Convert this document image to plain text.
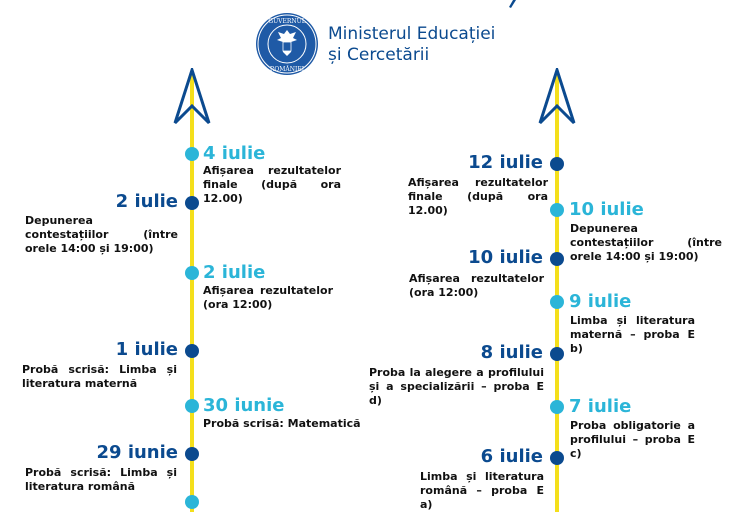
GUVERNUL
ROMÂNIEI
Ministerul Educației
și Cercetării
4 iulie
Afișarea rezultatelor finale (după ora 12.00)
2 iulie
Depunerea contestațiilor (între orele 14:00 și 19:00)
2 iulie
Afișarea rezultatelor (ora 12:00)
1 iulie
Probă scrisă: Limba și literatura maternă
30 iunie
Probă scrisă: Matematică
29 iunie
Probă scrisă: Limba și literatura română
12 iulie
Afișarea rezultatelor finale (după ora 12.00)	10 iulie
Depunerea contestațiilor (între orele 14:00 și 19:00)
10 iulie
Afișarea rezultatelor (ora 12:00)	9 iulie
Limba și literatura maternă – proba E b)
8 iulie
Proba la alegere a profilului și a specializării – proba E d)	7 iulie
Proba obligatorie a profilului – proba E c)
6 iulie
Limba și literatura română – proba E a)
